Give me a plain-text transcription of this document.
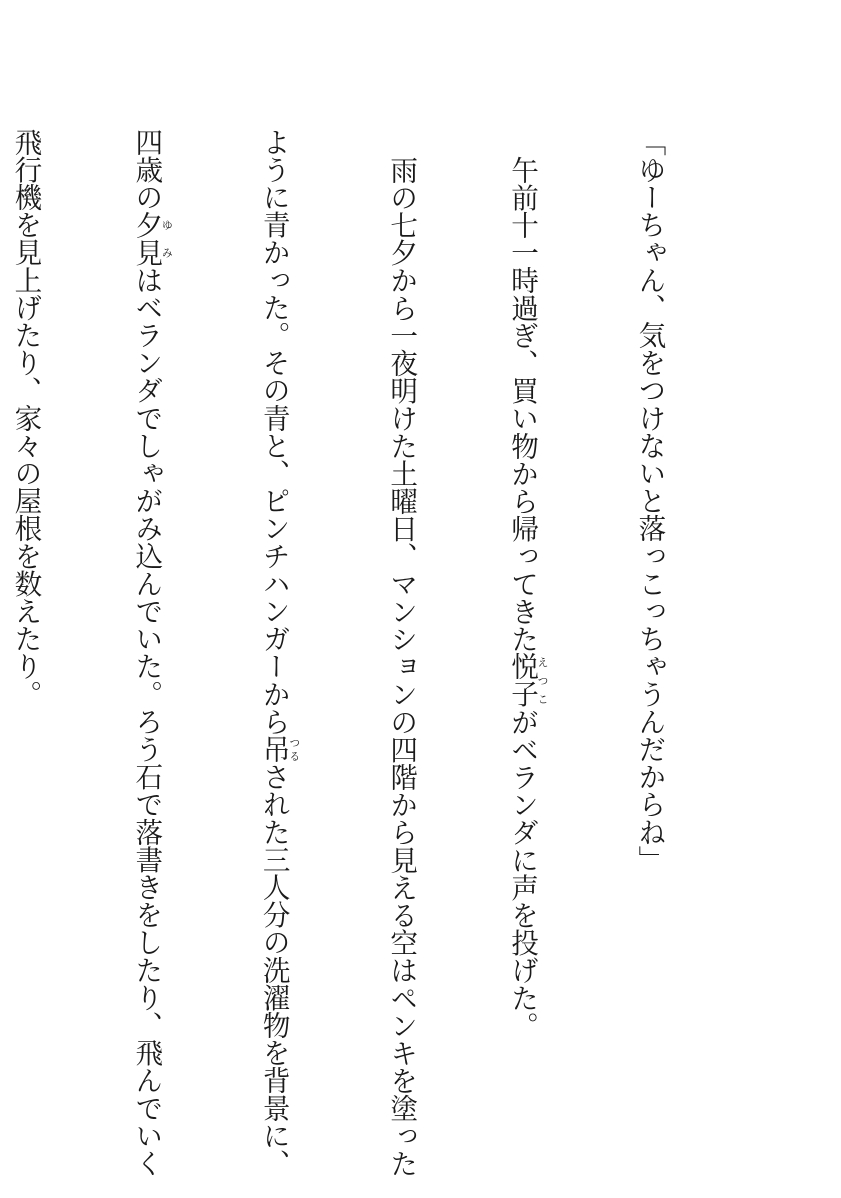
「ゆーちゃん、気をつけないと落っこっちゃうんだからね」

午前十一時過ぎ、買い物から帰ってきた悦子えつこがベランダに声を投げた。

雨の七夕から一夜明けた土曜日、マンションの四階から見える空はペンキを塗った

ように青かった。その青と、ピンチハンガーから吊つるされた三人分の洗濯物を背景に、

四歳の夕見ゆみはベランダでしゃがみ込んでいた。ろう石で落書きをしたり、飛んでいく

飛行機を見上げたり、家々の屋根を数えたり。
